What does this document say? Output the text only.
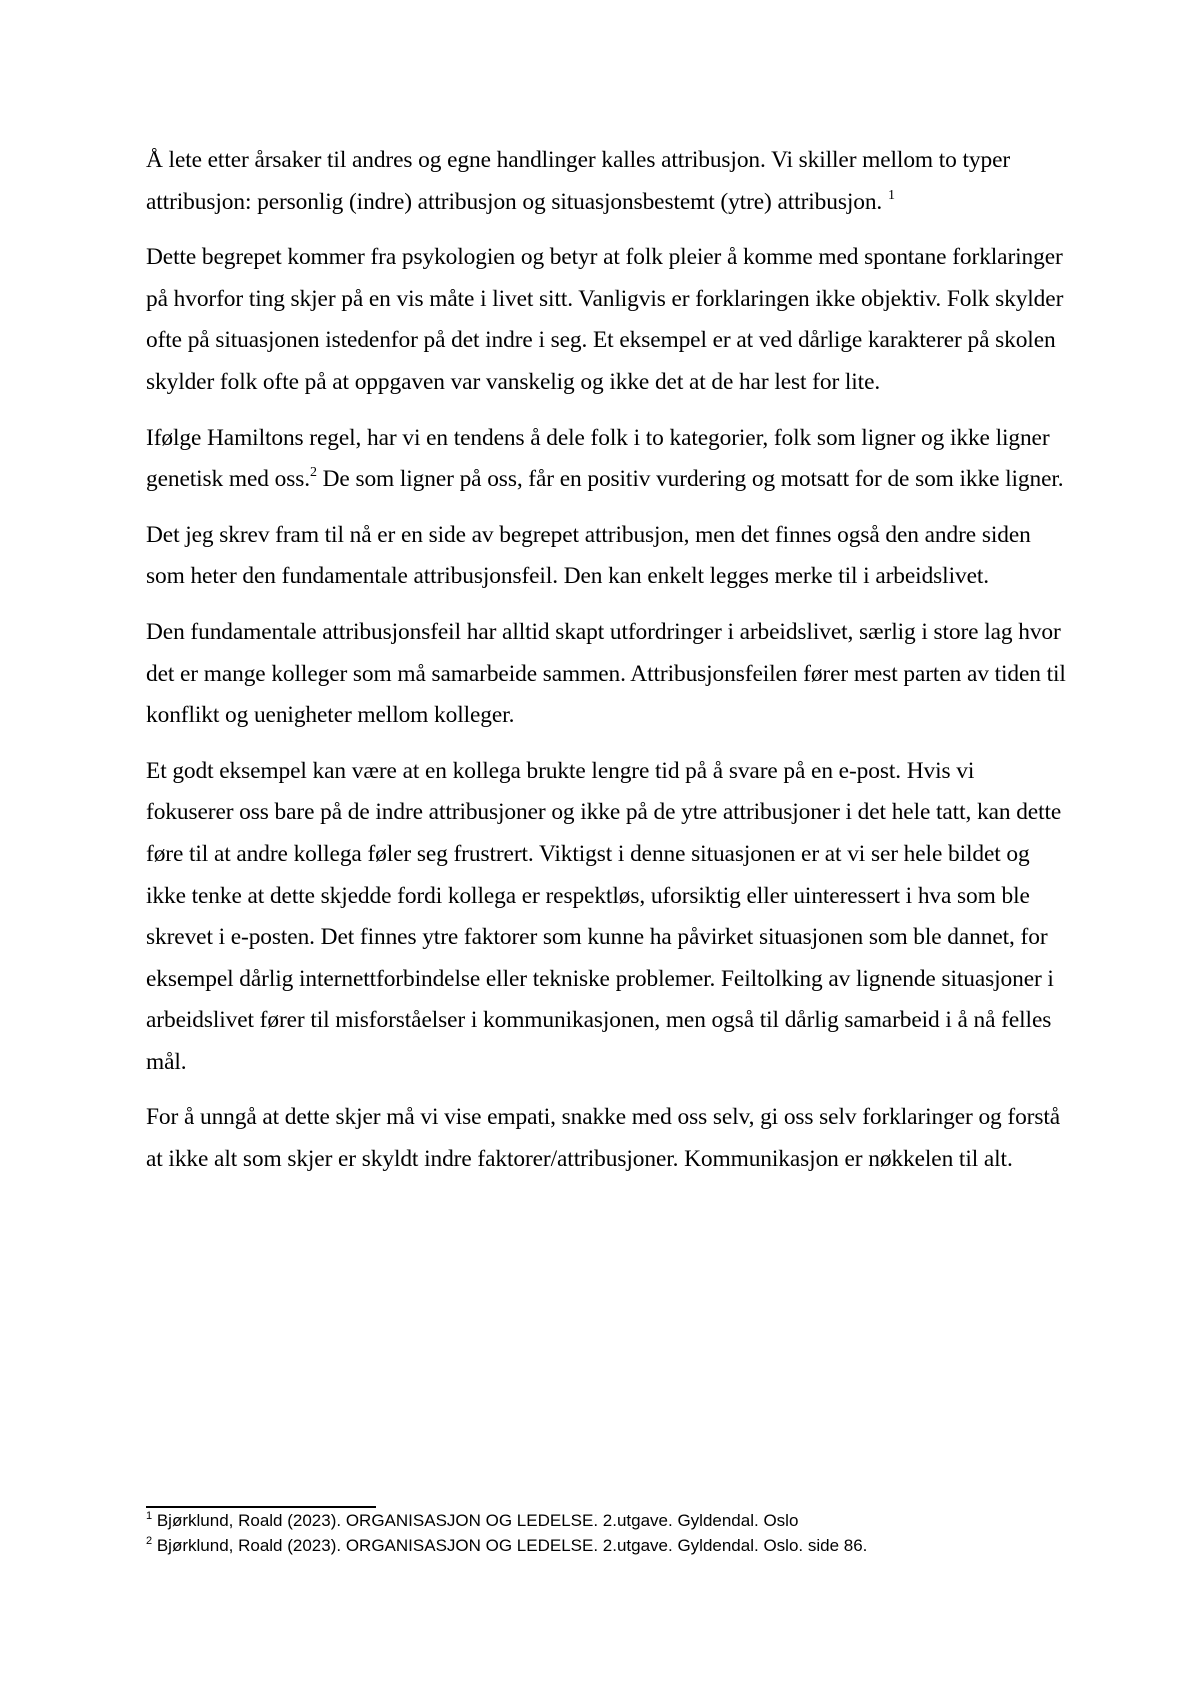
Å lete etter årsaker til andres og egne handlinger kalles attribusjon. Vi skiller mellom to typer attribusjon: personlig (indre) attribusjon og situasjonsbestemt (ytre) attribusjon. $^1$

Dette begrepet kommer fra psykologien og betyr at folk pleier å komme med spontane forklaringer på hvorfor ting skjer på en vis måte i livet sitt. Vanligvis er forklaringen ikke objektiv. Folk skylder ofte på situasjonen istedenfor på det indre i seg. Et eksempel er at ved dårlige karakterer på skolen skylder folk ofte på at oppgaven var vanskelig og ikke det at de har lest for lite.

Ifølge Hamiltons regel, har vi en tendens å dele folk i to kategorier, folk som ligner og ikke ligner genetisk med oss.$^2$ De som ligner på oss, får en positiv vurdering og motsatt for de som ikke ligner.

Det jeg skrev fram til nå er en side av begrepet attribusjon, men det finnes også den andre siden som heter den fundamentale attribusjonsfeil. Den kan enkelt legges merke til i arbeidslivet.

Den fundamentale attribusjonsfeil har alltid skapt utfordringer i arbeidslivet, særlig i store lag hvor det er mange kolleger som må samarbeide sammen. Attribusjonsfeilen fører mest parten av tiden til konflikt og uenigheter mellom kolleger.

Et godt eksempel kan være at en kollega brukte lengre tid på å svare på en e-post. Hvis vi fokuserer oss bare på de indre attribusjoner og ikke på de ytre attribusjoner i det hele tatt, kan dette føre til at andre kollega føler seg frustrert. Viktigst i denne situasjonen er at vi ser hele bildet og ikke tenke at dette skjedde fordi kollega er respektløs, uforsiktig eller uinteressert i hva som ble skrevet i e-posten. Det finnes ytre faktorer som kunne ha påvirket situasjonen som ble dannet, for eksempel dårlig internettforbindelse eller tekniske problemer. Feiltolking av lignende situasjoner i arbeidslivet fører til misforståelser i kommunikasjonen, men også til dårlig samarbeid i å nå felles mål.

For å unngå at dette skjer må vi vise empati, snakke med oss selv, gi oss selv forklaringer og forstå at ikke alt som skjer er skyldt indre faktorer/attribusjoner. Kommunikasjon er nøkkelen til alt.

$^1$ Bjørklund, Roald (2023). ORGANISASJON OG LEDELSE. 2.utgave. Gyldendal. Oslo
$^2$ Bjørklund, Roald (2023). ORGANISASJON OG LEDELSE. 2.utgave. Gyldendal. Oslo. side 86.
